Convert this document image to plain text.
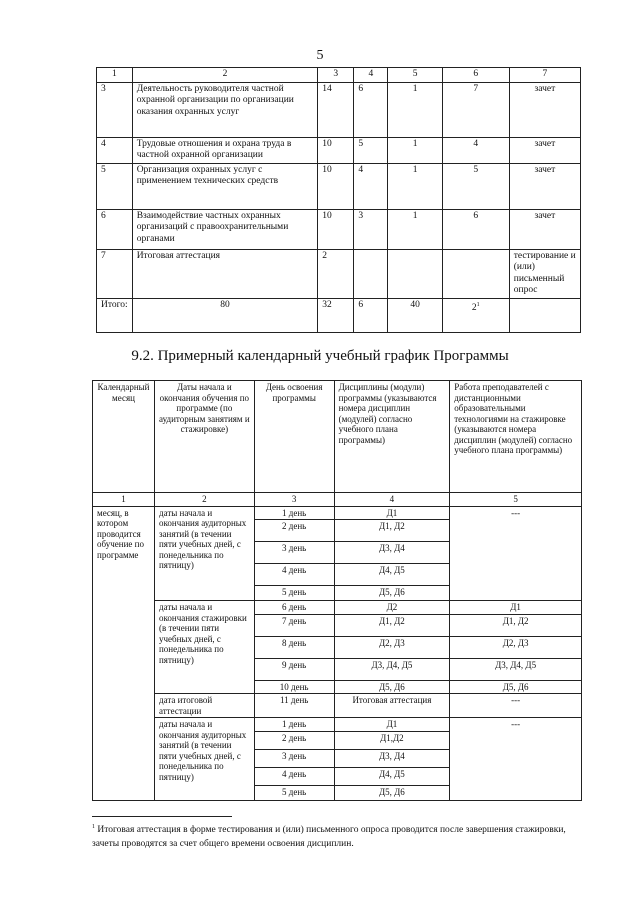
5
1	2	3	4	5	6	7
3	Деятельность руководителя частной охранной организации по организации оказания охранных услуг	14	6	1	7	зачет
4	Трудовые отношения и охрана труда в частной охранной организации	10	5	1	4	зачет
5	Организация охранных услуг с применением технических средств	10	4	1	5	зачет
6	Взаимодействие частных охранных организаций с правоохранительными органами	10	3	1	6	зачет
7	Итоговая аттестация	2				тестирование и (или) письменный опрос
Итого:	80	32	6	40	$2^1$	
9.2. Примерный календарный учебный график Программы
Календарный месяц	Даты начала и окончания обучения по программе (по аудиторным занятиям и стажировке)	День освоения программы	Дисциплины (модули) программы (указываются номера дисциплин (модулей) согласно учебного плана программы)	Работа преподавателей с дистанционными образовательными технологиями на стажировке (указываются номера дисциплин (модулей) согласно учебного плана программы)
1	2	3	4	5
месяц, в котором проводится обучение по программе	даты начала и окончания аудиторных занятий (в течении пяти учебных дней, с понедельника по пятницу)	1 день	Д1	---
		2 день	Д1, Д2	
		3 день	Д3, Д4	
		4 день	Д4, Д5	
		5 день	Д5, Д6	
	даты начала и окончания стажировки (в течении пяти учебных дней, с понедельника по пятницу)	6 день	Д2	Д1
		7 день	Д1, Д2	Д1, Д2
		8 день	Д2, Д3	Д2, Д3
		9 день	Д3, Д4, Д5	Д3, Д4, Д5
		10 день	Д5, Д6	Д5, Д6
	дата итоговой аттестации	11 день	Итоговая аттестация	---
	даты начала и окончания аудиторных занятий (в течении пяти учебных дней, с понедельника по пятницу)	1 день	Д1	---
		2 день	Д1,Д2	
		3 день	Д3, Д4	
		4 день	Д4, Д5	
		5 день	Д5, Д6	
$^1$ Итоговая аттестация в форме тестирования и (или) письменного опроса проводится после завершения стажировки, зачеты проводятся за счет общего времени освоения дисциплин.
